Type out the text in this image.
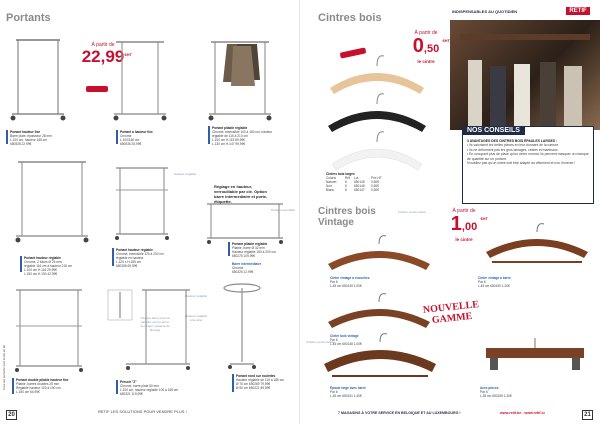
Portants
À partir de
22,99 €HT
Portant hauteur fixe
Barre plate, épaisseur 28 mm
L.100 cm, hauteur 166 cm
650535 22,99€
Portant à hauteur fixe
Chromé
L.100/160 cm
650535 25,99€
Portant pliable réglable
Chromé, extensible 100 à 160 cm, hauteur
réglable de 115 à 210 cm
L.100 cm H.115 89,99€
L.130 cm H.147 99,99€
Hauteur réglable
Réglage en hauteur, verrouillable par clé. Option barre intermédiaire et porte-étiquette.
Portant extensible
Portant hauteur réglable
Chromé, 2 tubes Ø 25 mm,
réglable 116 cm à hauteur 216 cm
L.100 cm H.116 29,99€
L.150 cm H.150 42,99€
Portant hauteur réglable
Chromé, extensible 120 à 200 cm
réglable en hauteur
L.120 x H.185 cm
650265 69,99€
Portant pliable réglable
Pliable, barre Ø 32 mm
Hauteur réglable 150 à 200 cm
650275 109,99€
Barre intermédiaire
Chromé
650325 12,99€
Chaque barre peut se rabattre vers le sol et se ranger, système de blocage
Hauteur réglable
Hauteur réglable à la carte
Portant double pliable hauteur fixe
Pliable, barres doubles 25 mm
Réglable hauteur 100 à 190 cm
L.150 cm 64,99€
Presoir "Z"
Chromé, barre plate 50 mm
L.100 cm, hauteur réglable 100 à 165 cm
650321 119,99€
Portant rond sur roulettes
Hauteur réglable de 115 à 185 cm
Ø 75 cm 650289 79,99€
Ø 90 cm 650221 89,99€
Tous les portants sont livrés en kit
20
RETIF LES SOLUTIONS POUR VENDRE PLUS !
INDISPENSABLES AU QUOTIDIEN	RETIF
Cintres bois
À partir de
0,50
€HT
le cintre
Cintres bois larges
Coloris	Réf. Lot	Prix HT
Naturel	6	650145	0,50€
Noir	6	650146	0,50€
Blanc	6	650147	0,50€
NOS CONSEILS
3 AVANTAGES DES CINTRES BOIS ÉPAULES LARGES :
• Ils valorisent les belles pièces en leur donnant de la carrure.
• Ils ne déforment pas les gros lainages, vestes et manteaux.
• En occupant plus de place qu'un cintre normal, ils peuvent masquer un manque de quantité sur un portant.
N'oubliez pas qu'un cintre doit être adapté au vêtement et non l'inverse !
Cintres bois
Vintage
Finition vernis patiné	À partir de
1,00
€HT
le cintre
Cintre vintage à encoches
Par 6
L.45 cm 650145 1,00€
Cintre vintage à barre
Par 6
L.45 cm 650150 1,20€
Cintre bois vintage
Par 6
L.45 cm 650148 1,00€
NOUVELLE GAMME
Finition vernis patiné
Épaule large avec barre
Par 6
L.45 cm 650151 1,40€
Avec pinces
Par 6
L.35 cm 650155 1,30€
7 MAGASINS À VOTRE SERVICE EN BELGIQUE ET AU LUXEMBOURG !	www.retif.be - www.retif.lu	21
